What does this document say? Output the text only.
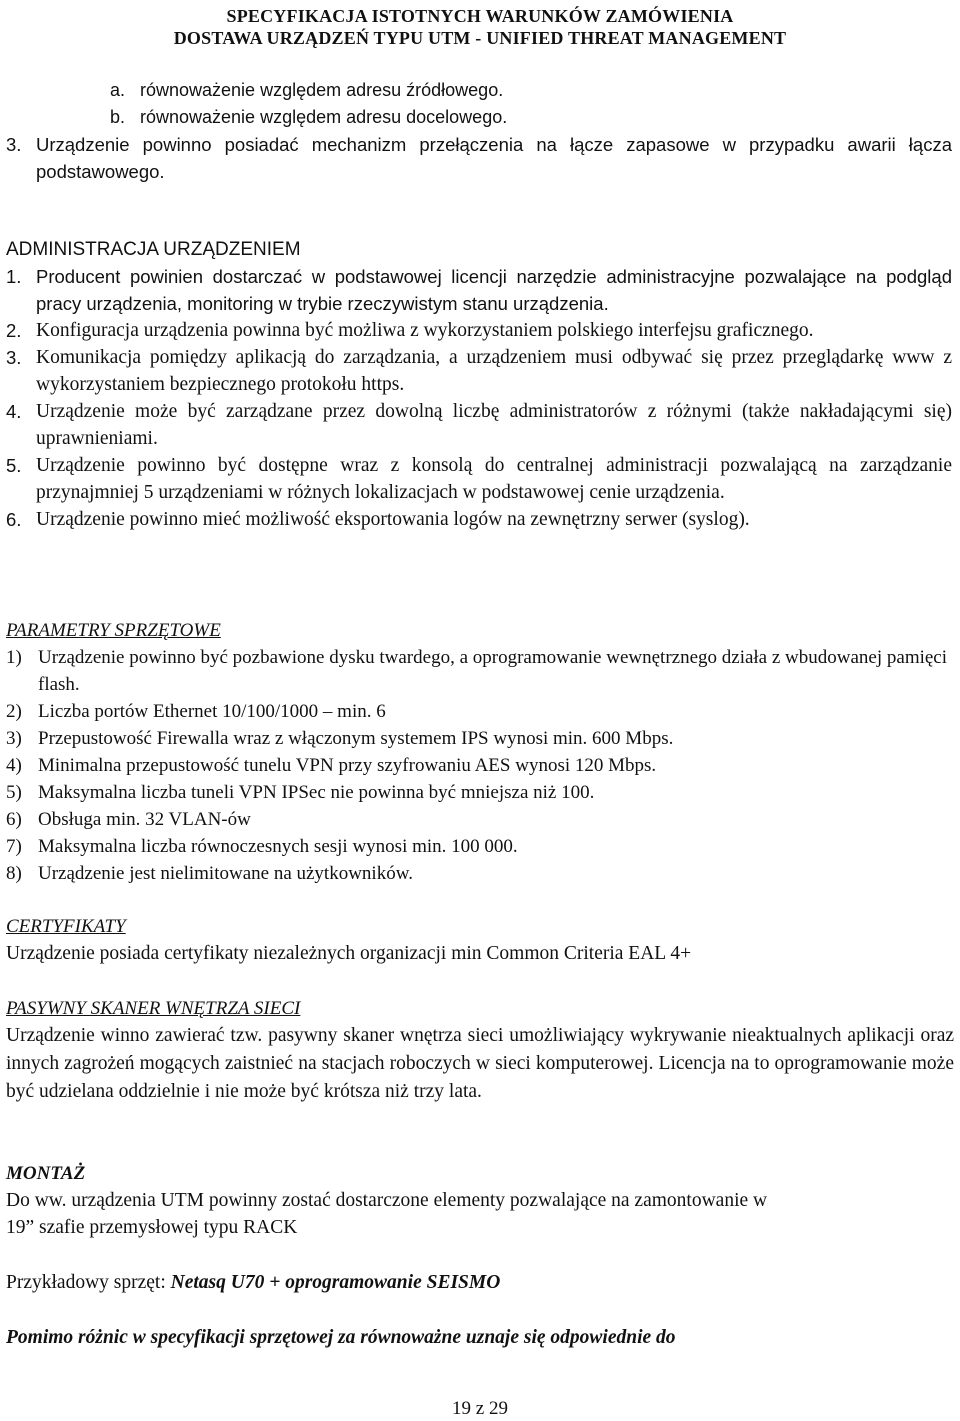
SPECYFIKACJA ISTOTNYCH WARUNKÓW ZAMÓWIENIA
DOSTAWA URZĄDZEŃ TYPU UTM - UNIFIED THREAT MANAGEMENT
a. równoważenie względem adresu źródłowego.

b. równoważenie względem adresu docelowego.

3. Urządzenie powinno posiadać mechanizm przełączenia na łącze zapasowe w przypadku awarii łącza podstawowego.
ADMINISTRACJA URZĄDZENIEM
1. Producent powinien dostarczać w podstawowej licencji narzędzie administracyjne pozwalające na podgląd pracy urządzenia, monitoring w trybie rzeczywistym stanu urządzenia.
2. Konfiguracja urządzenia powinna być możliwa z wykorzystaniem polskiego interfejsu graficznego.
3. Komunikacja pomiędzy aplikacją do zarządzania, a urządzeniem musi odbywać się przez przeglądarkę www z wykorzystaniem bezpiecznego protokołu https.
4. Urządzenie może być zarządzane przez dowolną liczbę administratorów z różnymi (także nakładającymi się) uprawnieniami.
5. Urządzenie powinno być dostępne wraz z konsolą do centralnej administracji pozwalającą na zarządzanie przynajmniej 5 urządzeniami w różnych lokalizacjach w podstawowej cenie urządzenia.
6. Urządzenie powinno mieć możliwość eksportowania logów na zewnętrzny serwer (syslog).
PARAMETRY SPRZĘTOWE
1) Urządzenie powinno być pozbawione dysku twardego, a oprogramowanie wewnętrznego działa z wbudowanej pamięci flash.
2) Liczba portów Ethernet 10/100/1000 – min. 6
3) Przepustowość Firewalla wraz z włączonym systemem IPS wynosi min. 600 Mbps.
4) Minimalna przepustowość tunelu VPN przy szyfrowaniu AES wynosi 120 Mbps.
5) Maksymalna liczba tuneli VPN IPSec nie powinna być mniejsza niż 100.
6) Obsługa min. 32 VLAN-ów
7) Maksymalna liczba równoczesnych sesji wynosi min. 100 000.
8) Urządzenie jest nielimitowane na użytkowników.
CERTYFIKATY
Urządzenie posiada certyfikaty niezależnych organizacji min Common Criteria EAL 4+
PASYWNY SKANER WNĘTRZA SIECI
Urządzenie winno zawierać tzw. pasywny skaner wnętrza sieci umożliwiający wykrywanie nieaktualnych aplikacji oraz innych zagrożeń mogących zaistnieć na stacjach roboczych w sieci komputerowej. Licencja na to oprogramowanie może być udzielana oddzielnie i nie może być krótsza niż trzy lata.
MONTAŻ
Do ww. urządzenia UTM powinny zostać dostarczone elementy pozwalające na zamontowanie w
19” szafie przemysłowej typu RACK
Przykładowy sprzęt: Netasq U70 + oprogramowanie SEISMO
Pomimo różnic w specyfikacji sprzętowej za równoważne uznaje się odpowiednie do
19 z 29
